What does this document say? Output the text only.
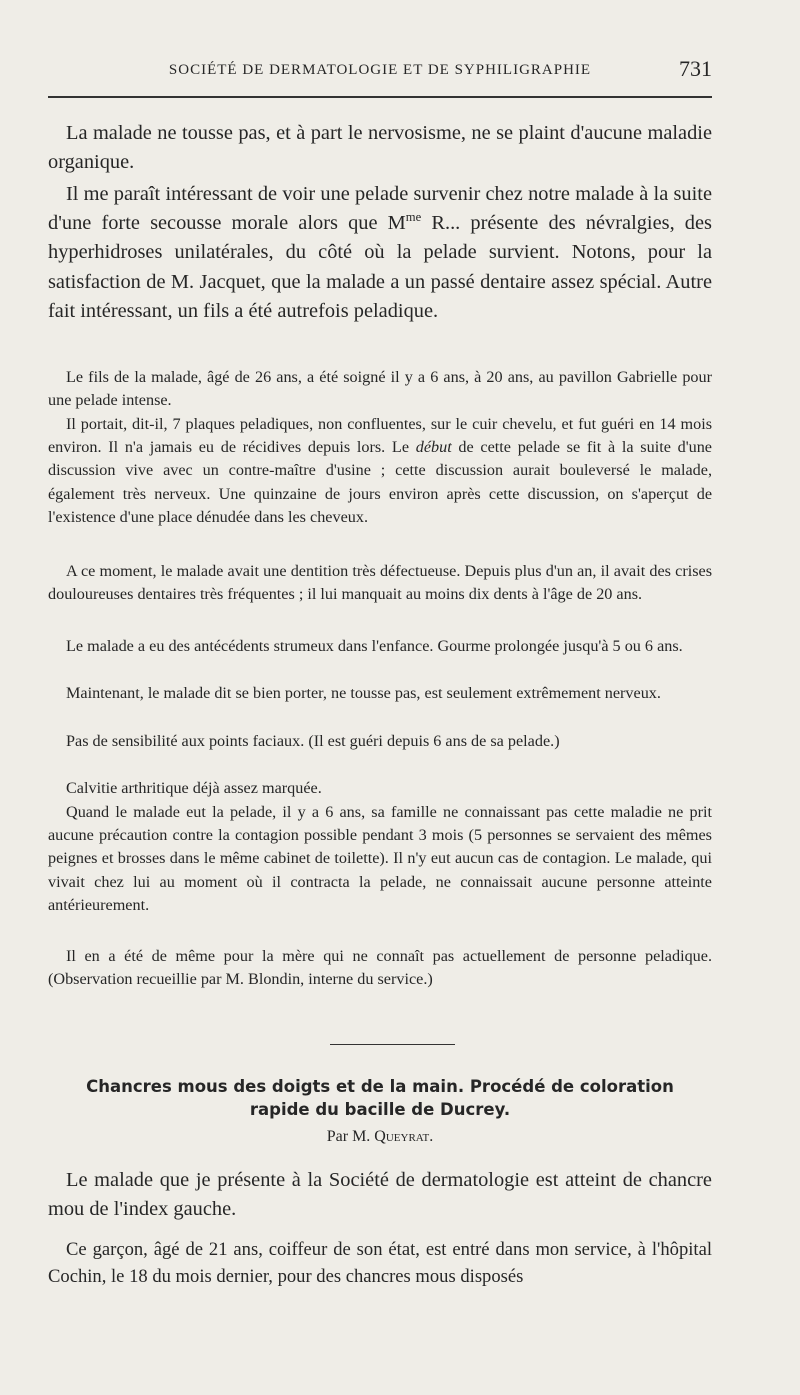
SOCIÉTÉ DE DERMATOLOGIE ET DE SYPHILIGRAPHIE	731

La malade ne tousse pas, et à part le nervosisme, ne se plaint d'aucune maladie organique.

Il me paraît intéressant de voir une pelade survenir chez notre malade à la suite d'une forte secousse morale alors que $M^{me}$ R... présente des névralgies, des hyperhidroses unilatérales, du côté où la pelade survient. Notons, pour la satisfaction de M. Jacquet, que la malade a un passé dentaire assez spécial. Autre fait intéressant, un fils a été autrefois peladique.

Le fils de la malade, âgé de 26 ans, a été soigné il y a 6 ans, à 20 ans, au pavillon Gabrielle pour une pelade intense.

Il portait, dit-il, 7 plaques peladiques, non confluentes, sur le cuir chevelu, et fut guéri en 14 mois environ. Il n'a jamais eu de récidives depuis lors. Le début de cette pelade se fit à la suite d'une discussion vive avec un contre-maître d'usine ; cette discussion aurait bouleversé le malade, également très nerveux. Une quinzaine de jours environ après cette discussion, on s'aperçut de l'existence d'une place dénudée dans les cheveux.

A ce moment, le malade avait une dentition très défectueuse. Depuis plus d'un an, il avait des crises douloureuses dentaires très fréquentes ; il lui manquait au moins dix dents à l'âge de 20 ans.

Le malade a eu des antécédents strumeux dans l'enfance. Gourme prolongée jusqu'à 5 ou 6 ans.

Maintenant, le malade dit se bien porter, ne tousse pas, est seulement extrêmement nerveux.

Pas de sensibilité aux points faciaux. (Il est guéri depuis 6 ans de sa pelade.)

Calvitie arthritique déjà assez marquée.

Quand le malade eut la pelade, il y a 6 ans, sa famille ne connaissant pas cette maladie ne prit aucune précaution contre la contagion possible pendant 3 mois (5 personnes se servaient des mêmes peignes et brosses dans le même cabinet de toilette). Il n'y eut aucun cas de contagion. Le malade, qui vivait chez lui au moment où il contracta la pelade, ne connaissait aucune personne atteinte antérieurement.

Il en a été de même pour la mère qui ne connaît pas actuellement de personne peladique. (Observation recueillie par M. Blondin, interne du service.)

Chancres mous des doigts et de la main. Procédé de coloration
rapide du bacille de Ducrey.

Par M. Queyrat.

Le malade que je présente à la Société de dermatologie est atteint de chancre mou de l'index gauche.

Ce garçon, âgé de 21 ans, coiffeur de son état, est entré dans mon service, à l'hôpital Cochin, le 18 du mois dernier, pour des chancres mous disposés
